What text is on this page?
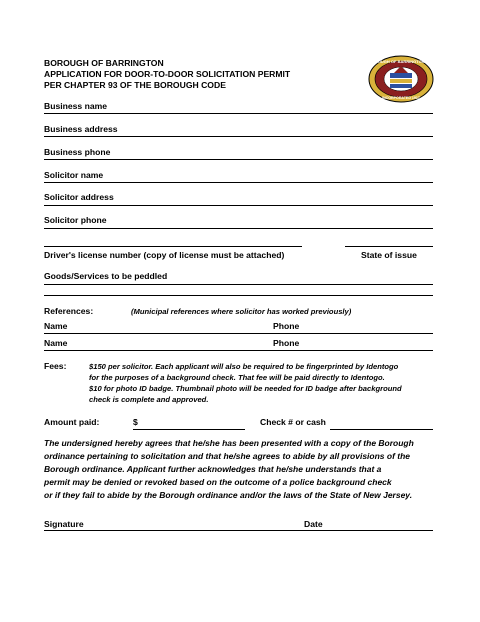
BOROUGH OF BARRINGTON
APPLICATION FOR DOOR-TO-DOOR SOLICITATION PERMIT
PER CHAPTER 93 OF THE BOROUGH CODE
BOROUGH OF BARRINGTON N.J.
INCORPORATED 1917
Business name
Business address
Business phone
Solicitor name
Solicitor address
Solicitor phone
Driver's license number (copy of license must be attached)	State of issue
Goods/Services to be peddled
References:	(Municipal references where solicitor has worked previously)
Name	Phone
Name	Phone
Fees:	$150 per solicitor. Each applicant will also be required to be fingerprinted by Identogo
for the purposes of a background check. That fee will be paid directly to Identogo.
$10 for photo ID badge. Thumbnail photo will be needed for ID badge after background
check is complete and approved.
Amount paid:	$	Check # or cash
The undersigned hereby agrees that he/she has been presented with a copy of the Borough
ordinance pertaining to solicitation and that he/she agrees to abide by all provisions of the
Borough ordinance. Applicant further acknowledges that he/she understands that a
permit may be denied or revoked based on the outcome of a police background check
or if they fail to abide by the Borough ordinance and/or the laws of the State of New Jersey.
Signature	Date
